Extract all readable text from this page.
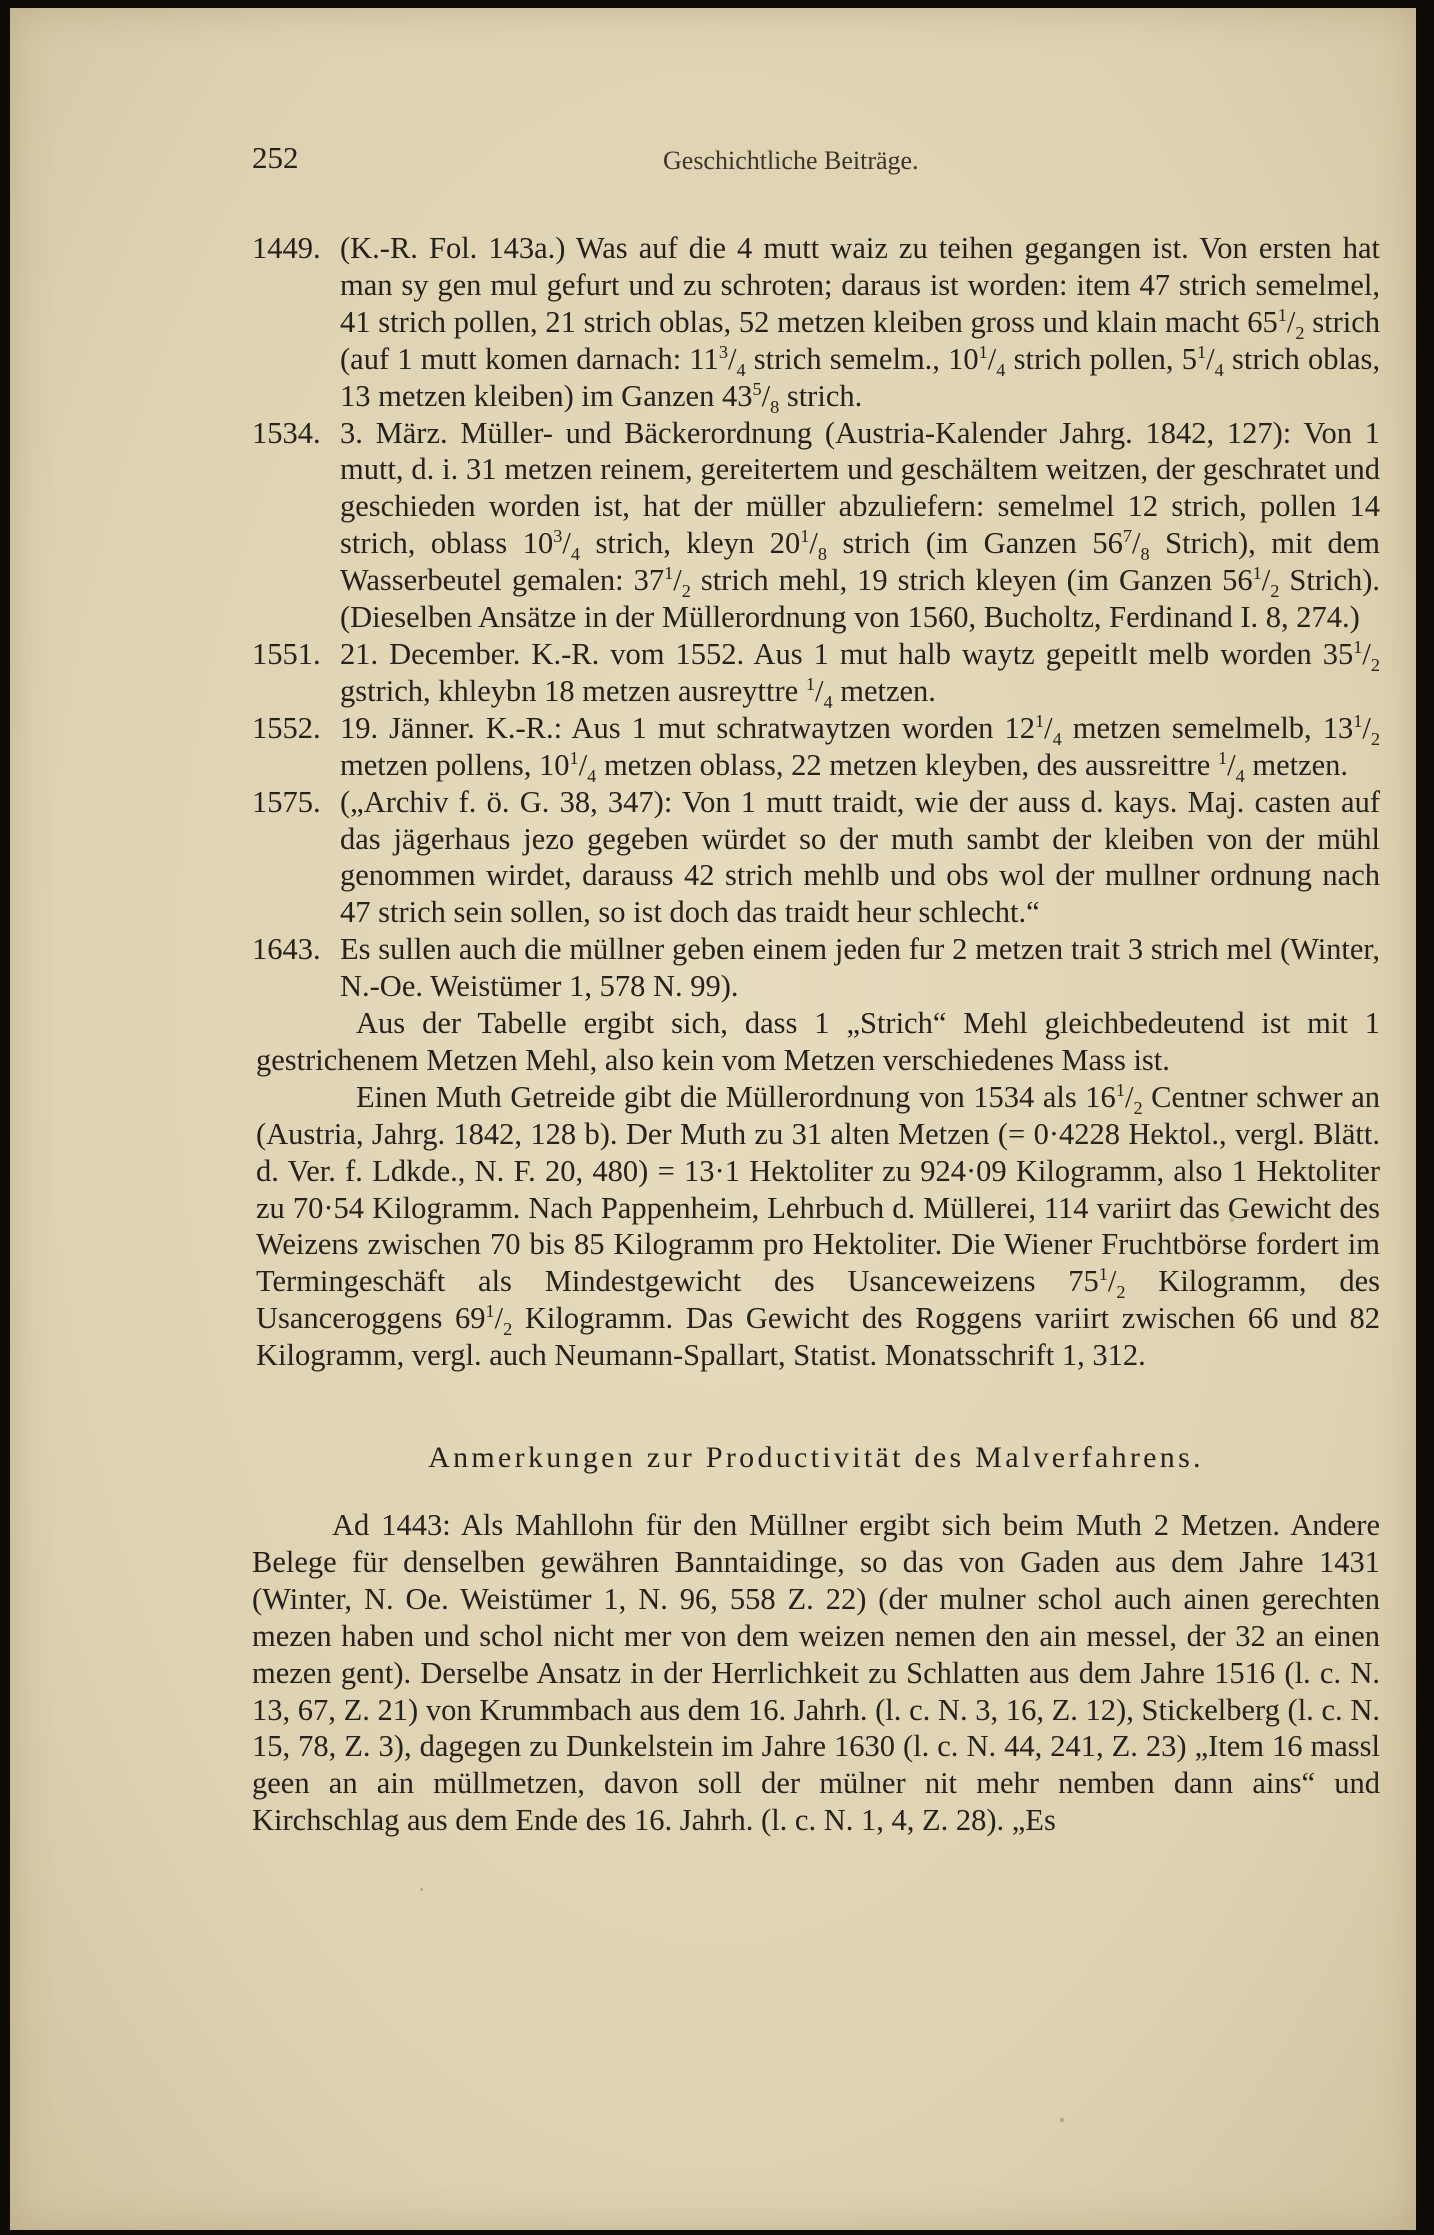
252	Geschichtliche Beiträge.
1449. (K.-R. Fol. 143a.) Was auf die 4 mutt waiz zu teihen gegangen ist. Von ersten hat man sy gen mul gefurt und zu schroten; daraus ist worden: item 47 strich semelmel, 41 strich pollen, 21 strich oblas, 52 metzen kleiben gross und klain macht $65^1/_2$ strich (auf 1 mutt komen darnach: $11^3/_4$ strich semelm., $10^1/_4$ strich pollen, $5^1/_4$ strich oblas, 13 metzen kleiben) im Ganzen $43^5/_8$ strich.
1534. 3. März. Müller- und Bäckerordnung (Austria-Kalender Jahrg. 1842, 127): Von 1 mutt, d. i. 31 metzen reinem, gereitertem und geschältem weitzen, der geschratet und geschieden worden ist, hat der müller abzuliefern: semelmel 12 strich, pollen 14 strich, oblass $10^3/_4$ strich, kleyn $20^1/_8$ strich (im Ganzen $56^7/_8$ Strich), mit dem Wasserbeutel gemalen: $37^1/_2$ strich mehl, 19 strich kleyen (im Ganzen $56^1/_2$ Strich). (Dieselben Ansätze in der Müllerordnung von 1560, Bucholtz, Ferdinand I. 8, 274.)
1551. 21. December. K.-R. vom 1552. Aus 1 mut halb waytz gepeitlt melb worden $35^1/_2$ gstrich, khleybn 18 metzen ausreyttre $^1/_4$ metzen.
1552. 19. Jänner. K.-R.: Aus 1 mut schratwaytzen worden $12^1/_4$ metzen semelmelb, $13^1/_2$ metzen pollens, $10^1/_4$ metzen oblass, 22 metzen kleyben, des aussreittre $^1/_4$ metzen.
1575. („Archiv f. ö. G. 38, 347): Von 1 mutt traidt, wie der auss d. kays. Maj. casten auf das jägerhaus jezo gegeben würdet so der muth sambt der kleiben von der mühl genommen wirdet, darauss 42 strich mehlb und obs wol der mullner ordnung nach 47 strich sein sollen, so ist doch das traidt heur schlecht.“
1643. Es sullen auch die müllner geben einem jeden fur 2 metzen trait 3 strich mel (Winter, N.-Oe. Weistümer 1, 578 N. 99).

Aus der Tabelle ergibt sich, dass 1 „Strich“ Mehl gleichbedeutend ist mit 1 gestrichenem Metzen Mehl, also kein vom Metzen verschiedenes Mass ist.

Einen Muth Getreide gibt die Müllerordnung von 1534 als $16^1/_2$ Centner schwer an (Austria, Jahrg. 1842, 128 b). Der Muth zu 31 alten Metzen (= 0·4228 Hektol., vergl. Blätt. d. Ver. f. Ldkde., N. F. 20, 480) = 13·1 Hektoliter zu 924·09 Kilogramm, also 1 Hektoliter zu 70·54 Kilogramm. Nach Pappenheim, Lehrbuch d. Müllerei, 114 variirt das Gewicht des Weizens zwischen 70 bis 85 Kilogramm pro Hektoliter. Die Wiener Fruchtbörse fordert im Termingeschäft als Mindestgewicht des Usanceweizens $75^1/_2$ Kilogramm, des Usanceroggens $69^1/_2$ Kilogramm. Das Gewicht des Roggens variirt zwischen 66 und 82 Kilogramm, vergl. auch Neumann-Spallart, Statist. Monatsschrift 1, 312.

Anmerkungen zur Productivität des Malverfahrens.

Ad 1443: Als Mahllohn für den Müllner ergibt sich beim Muth 2 Metzen. Andere Belege für denselben gewähren Banntaidinge, so das von Gaden aus dem Jahre 1431 (Winter, N. Oe. Weistümer 1, N. 96, 558 Z. 22) (der mulner schol auch ainen gerechten mezen haben und schol nicht mer von dem weizen nemen den ain messel, der 32 an einen mezen gent). Derselbe Ansatz in der Herrlichkeit zu Schlatten aus dem Jahre 1516 (l. c. N. 13, 67, Z. 21) von Krummbach aus dem 16. Jahrh. (l. c. N. 3, 16, Z. 12), Stickelberg (l. c. N. 15, 78, Z. 3), dagegen zu Dunkelstein im Jahre 1630 (l. c. N. 44, 241, Z. 23) „Item 16 massl geen an ain müllmetzen, davon soll der mülner nit mehr nemben dann ains“ und Kirchschlag aus dem Ende des 16. Jahrh. (l. c. N. 1, 4, Z. 28). „Es
